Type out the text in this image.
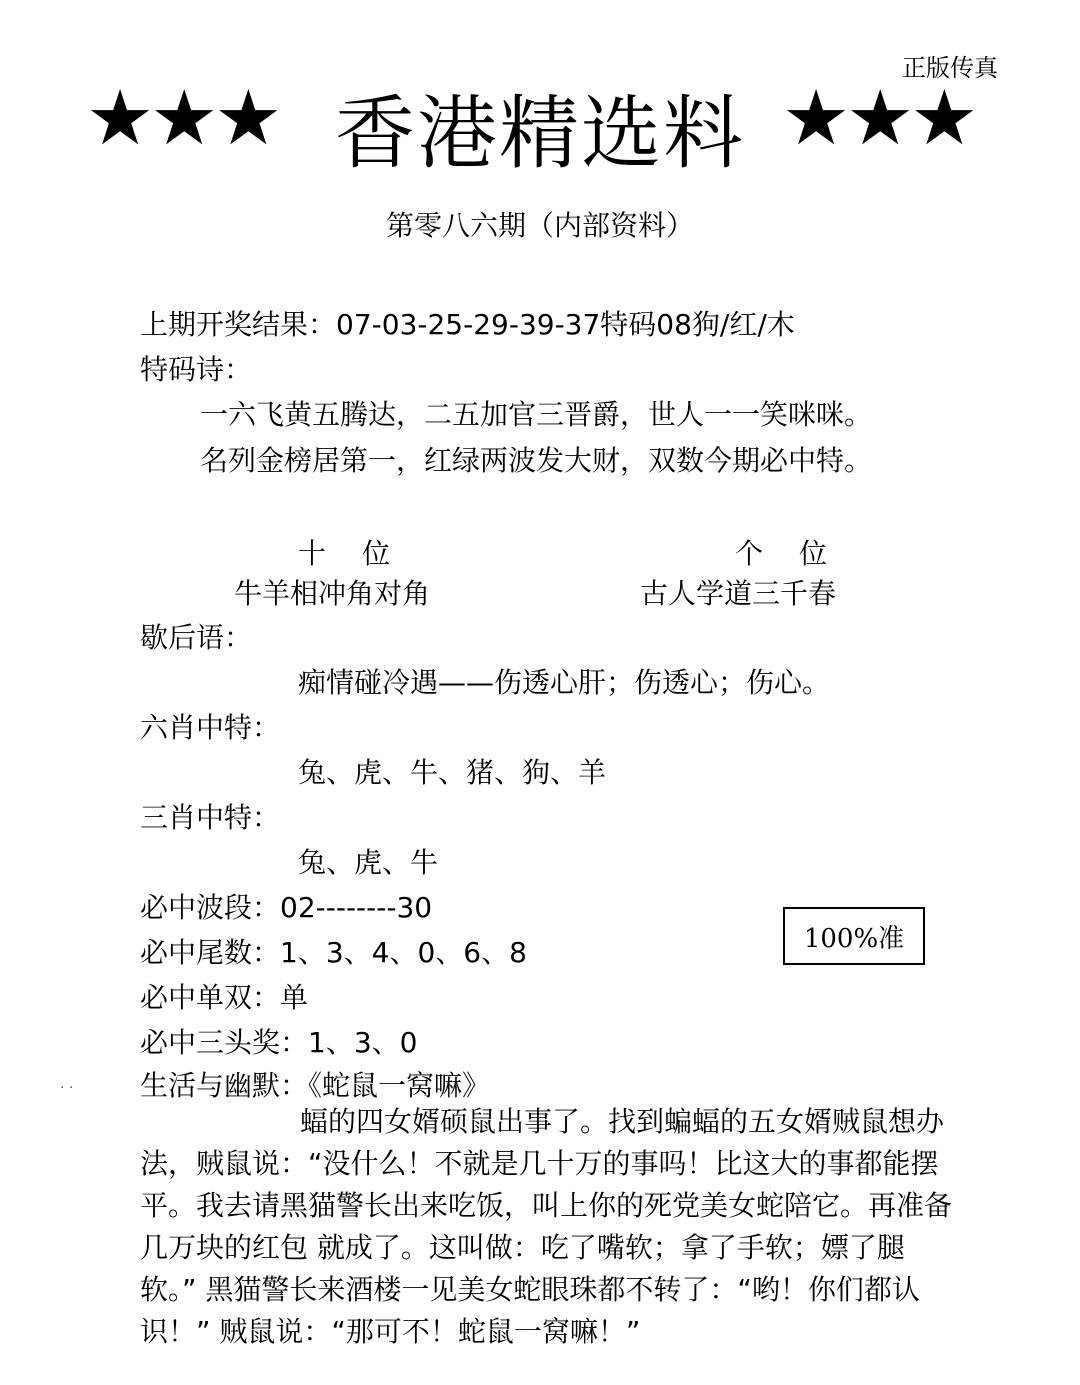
正版传真
★★★ 香港精选料 ★★★
第零八六期（内部资料）
上期开奖结果：07-03-25-29-39-37特码08狗/红/木
特码诗：
一六飞黄五腾达，二五加官三晋爵，世人一一笑咪咪。
名列金榜居第一，红绿两波发大财，双数今期必中特。
十位	个位
牛羊相冲角对角	古人学道三千春
歇后语：
痴情碰冷遇——伤透心肝；伤透心；伤心。
六肖中特：
兔、虎、牛、猪、狗、羊
三肖中特：
兔、虎、牛
必中波段：02--------30
必中尾数：1、3、4、0、6、8	100%准
必中单双：单
必中三头奖：1、3、0
· · 生活与幽默：《蛇鼠一窝嘛》
蝠的四女婿硕鼠出事了。找到蝙蝠的五女婿贼鼠想办法，贼鼠说：“没什么！不就是几十万的事吗！比这大的事都能摆平。我去请黑猫警长出来吃饭，叫上你的死党美女蛇陪它。再准备几万块的红包 就成了。这叫做：吃了嘴软；拿了手软；嫖了腿软。” 黑猫警长来酒楼一见美女蛇眼珠都不转了：“哟！你们都认识！” 贼鼠说：“那可不！蛇鼠一窝嘛！”
